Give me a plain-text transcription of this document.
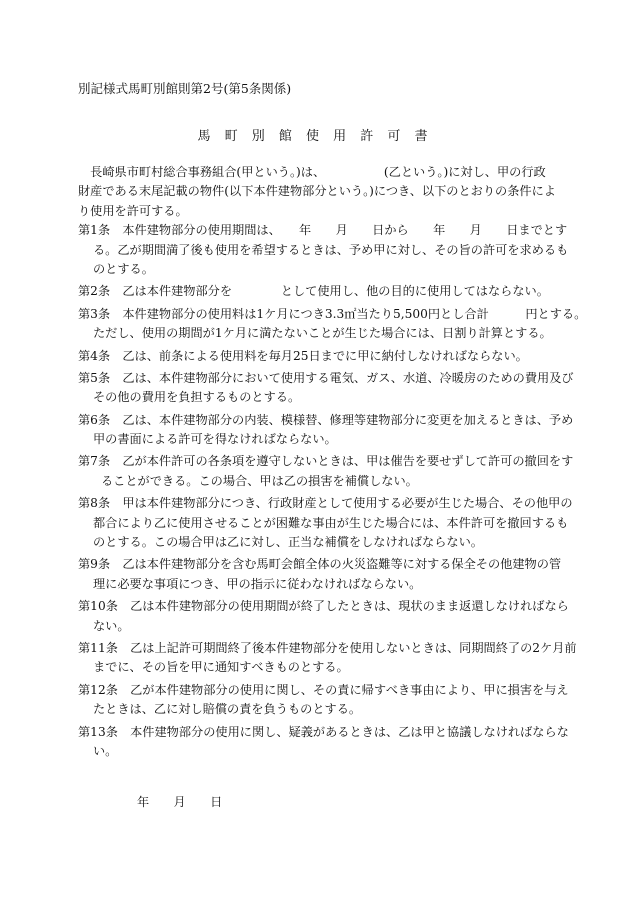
別記様式馬町別館則第2号(第5条関係)
馬 町 別 館 使 用 許 可 書
　長崎県市町村総合事務組合(甲という。)は、　　　　　 (乙という。)に対し、甲の行政
財産である末尾記載の物件(以下本件建物部分という。)につき、以下のとおりの条件によ
り使用を許可する。
第1条　本件建物部分の使用期間は、　　年　　月　　日から　　年　　月　　日までとす
る。乙が期間満了後も使用を希望するときは、予め甲に対し、その旨の許可を求めるも
のとする。
第2条　乙は本件建物部分を　　　　として使用し、他の目的に使用してはならない。
第3条　本件建物部分の使用料は1ケ月につき3.3㎡当たり5,500円とし合計　　　円とする。
ただし、使用の期間が1ケ月に満たないことが生じた場合には、日割り計算とする。
第4条　乙は、前条による使用料を毎月25日までに甲に納付しなければならない。
第5条　乙は、本件建物部分において使用する電気、ガス、水道、冷暖房のための費用及び
その他の費用を負担するものとする。
第6条　乙は、本件建物部分の内装、模様替、修理等建物部分に変更を加えるときは、予め
甲の書面による許可を得なければならない。
第7条　乙が本件許可の各条項を遵守しないときは、甲は催告を要せずして許可の撤回をす
ることができる。この場合、甲は乙の損害を補償しない。
第8条　甲は本件建物部分につき、行政財産として使用する必要が生じた場合、その他甲の
都合により乙に使用させることが困難な事由が生じた場合には、本件許可を撤回するも
のとする。この場合甲は乙に対し、正当な補償をしなければならない。
第9条　乙は本件建物部分を含む馬町会館全体の火災盗難等に対する保全その他建物の管
理に必要な事項につき、甲の指示に従わなければならない。
第10条　乙は本件建物部分の使用期間が終了したときは、現状のまま返還しなければなら
ない。
第11条　乙は上記許可期間終了後本件建物部分を使用しないときは、同期間終了の2ケ月前
までに、その旨を甲に通知すべきものとする。
第12条　乙が本件建物部分の使用に関し、その責に帰すべき事由により、甲に損害を与え
たときは、乙に対し賠償の責を負うものとする。
第13条　本件建物部分の使用に関し、疑義があるときは、乙は甲と協議しなければならな
い。
年　　月　　日
